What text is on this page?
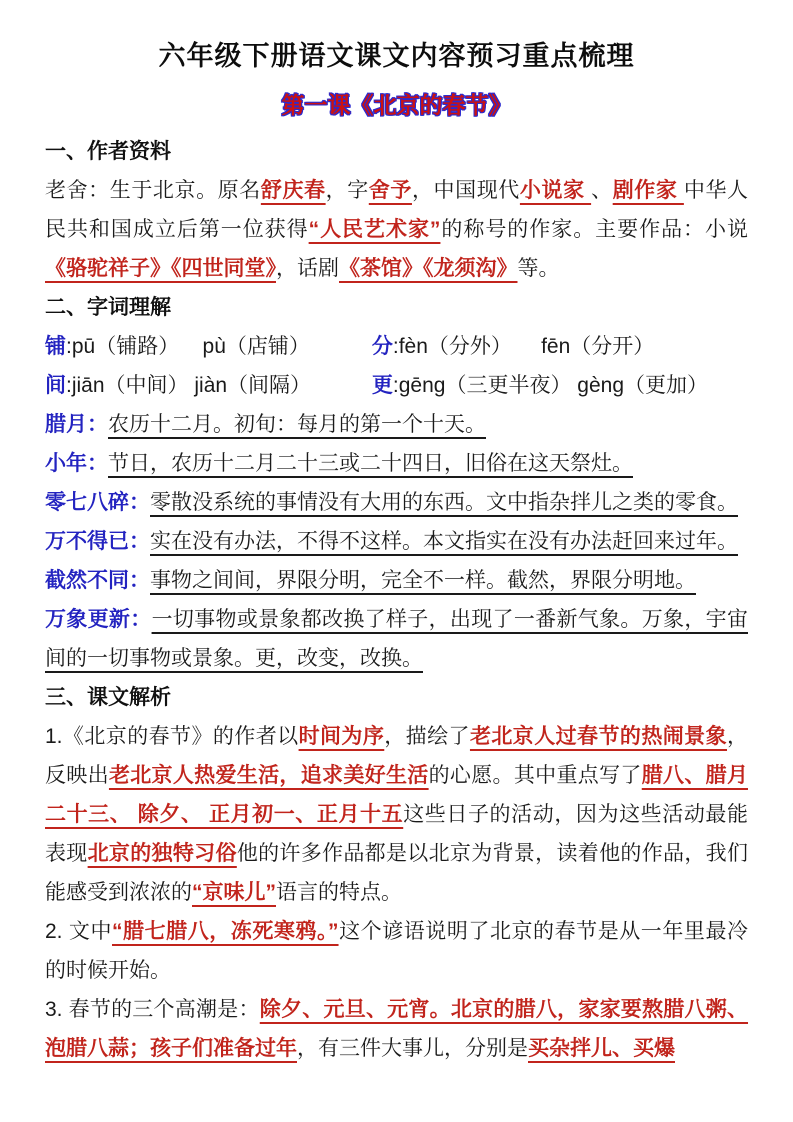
六年级下册语文课文内容预习重点梳理
第一课《北京的春节》
一、作者资料

老舍：生于北京。原名舒庆春，字舍予，中国现代小说家 、剧作家 中华人民共和国成立后第一位获得“人民艺术家”的称号的作家。主要作品：小说《骆驼祥子》《四世同堂》，话剧《茶馆》《龙须沟》等。

二、字词理解
铺:pū（铺路）    pù（店铺）	分:fèn（分外）     fēn（分开）
间:jiān（中间） jiàn（间隔）	更:gēng（三更半夜） gèng（更加）

腊月：农历十二月。初旬：每月的第一个十天。

小年：节日，农历十二月二十三或二十四日，旧俗在这天祭灶。

零七八碎：零散没系统的事情没有大用的东西。文中指杂拌儿之类的零食。

万不得已：实在没有办法，不得不这样。本文指实在没有办法赶回来过年。

截然不同：事物之间间，界限分明，完全不一样。截然，界限分明地。

万象更新：一切事物或景象都改换了样子，出现了一番新气象。万象，宇宙间的一切事物或景象。更，改变，改换。

三、课文解析

1.《北京的春节》的作者以时间为序，描绘了老北京人过春节的热闹景象，反映出老北京人热爱生活，追求美好生活的心愿。其中重点写了腊八、腊月二十三、 除夕、 正月初一、正月十五这些日子的活动，因为这些活动最能表现北京的独特习俗他的许多作品都是以北京为背景，读着他的作品，我们能感受到浓浓的“京味儿”语言的特点。

2. 文中“腊七腊八，冻死寒鸦。”这个谚语说明了北京的春节是从一年里最冷的时候开始。

3. 春节的三个高潮是：除夕、元旦、元宵。北京的腊八，家家要熬腊八粥、泡腊八蒜；孩子们准备过年，有三件大事儿，分别是买杂拌儿、买爆
